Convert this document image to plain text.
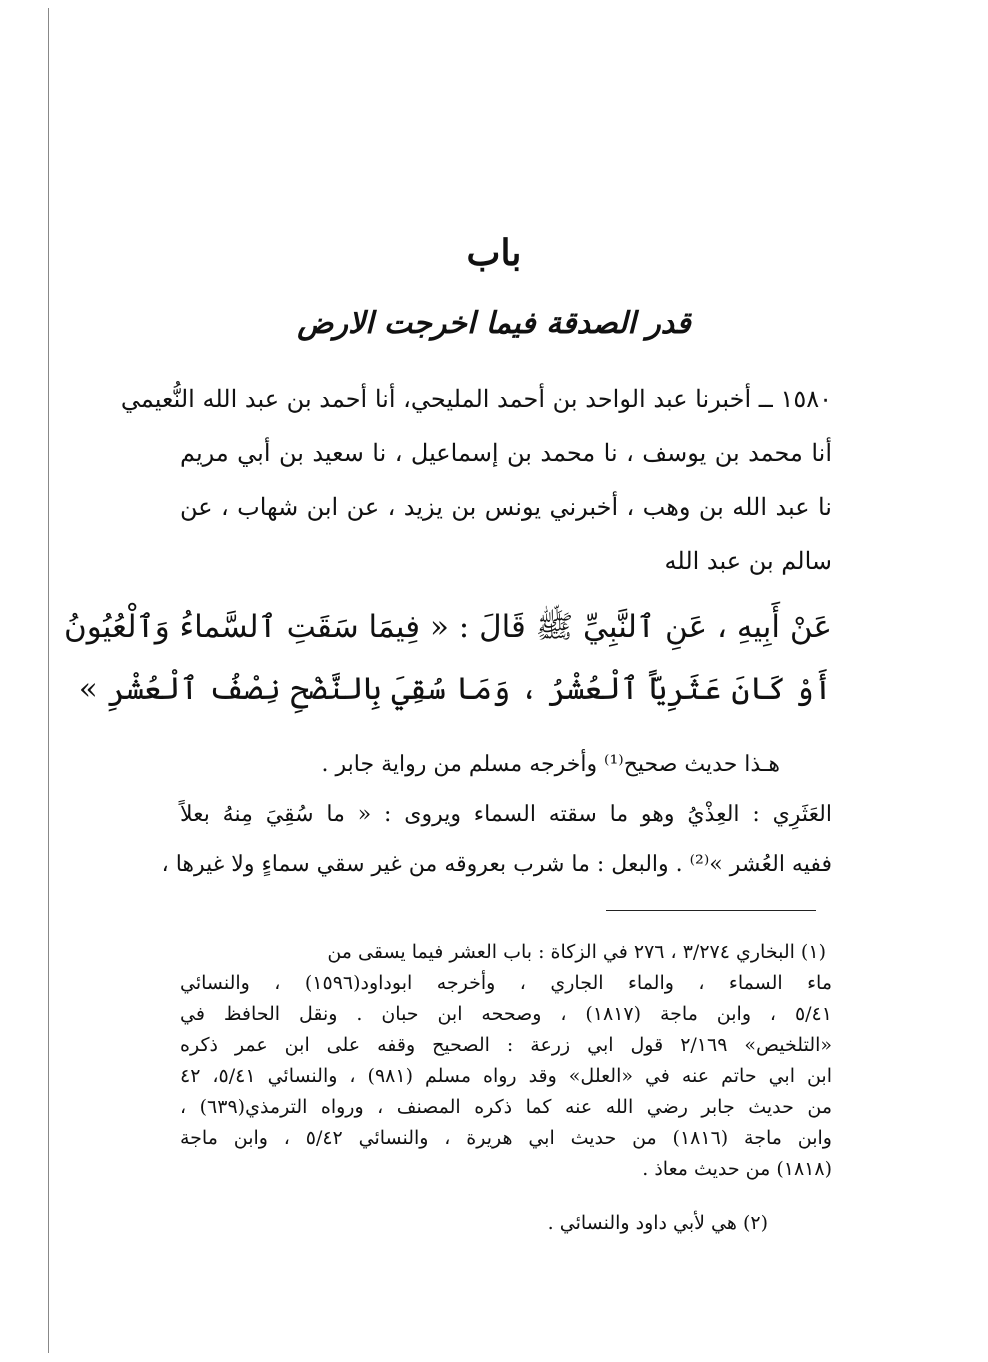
باب
قدر الصدقة فيما اخرجت الارض
١٥٨٠ ــ أخبرنا عبد الواحد بن أحمد المليحي، أنا أحمد بن عبد الله النُّعيمي
أنا محمد بن يوسف ، نا محمد بن إسماعيل ، نا سعيد بن أبي مريم
نا عبد الله بن وهب ، أخبرني يونس بن يزيد ، عن ابن شهاب ، عن
سالم بن عبد الله
عَنْ أَبِيهِ ، عَنِ ٱلنَّبِيِّ ﷺ قَالَ : « فِيمَا سَقَتِ ٱلسَّماءُ وَٱلْعُيُونُ
أَوْ كَانَ عَثَرِيّاً ٱلْعُشْرُ ، وَمَا سُقِيَ بِالنَّضْحِ نِصْفُ ٱلْعُشْرِ »
هـذا حديث صحيح⁽¹⁾ وأخرجه مسلم من رواية جابر .
العَثَرِي : العِذْيُ وهو ما سقته السماء ويروى : « ما سُقِيَ مِنهُ بعلاً
ففيه العُشر »⁽²⁾ . والبعل : ما شرب بعروقه من غير سقي سماءٍ ولا غيرها ،
(١) البخاري ٣/٢٧٤ ، ٢٧٦ في الزكاة : باب العشر فيما يسقى من
ماء السماء ، والماء الجاري ، وأخرجه ابوداود(١٥٩٦) ، والنسائي
٥/٤١ ، وابن ماجة (١٨١٧) ، وصححه ابن حبان . ونقل الحافظ في
«التلخيص» ٢/١٦٩ قول ابي زرعة : الصحيح وقفه على ابن عمر ذكره
ابن ابي حاتم عنه في «العلل» وقد رواه مسلم (٩٨١) ، والنسائي ٥/٤١، ٤٢
من حديث جابر رضي الله عنه كما ذكره المصنف ، ورواه الترمذي(٦٣٩) ،
وابن ماجة (١٨١٦) من حديث ابي هريرة ، والنسائي ٥/٤٢ ، وابن ماجة
(١٨١٨) من حديث معاذ .
(٢) هي لأبي داود والنسائي .
